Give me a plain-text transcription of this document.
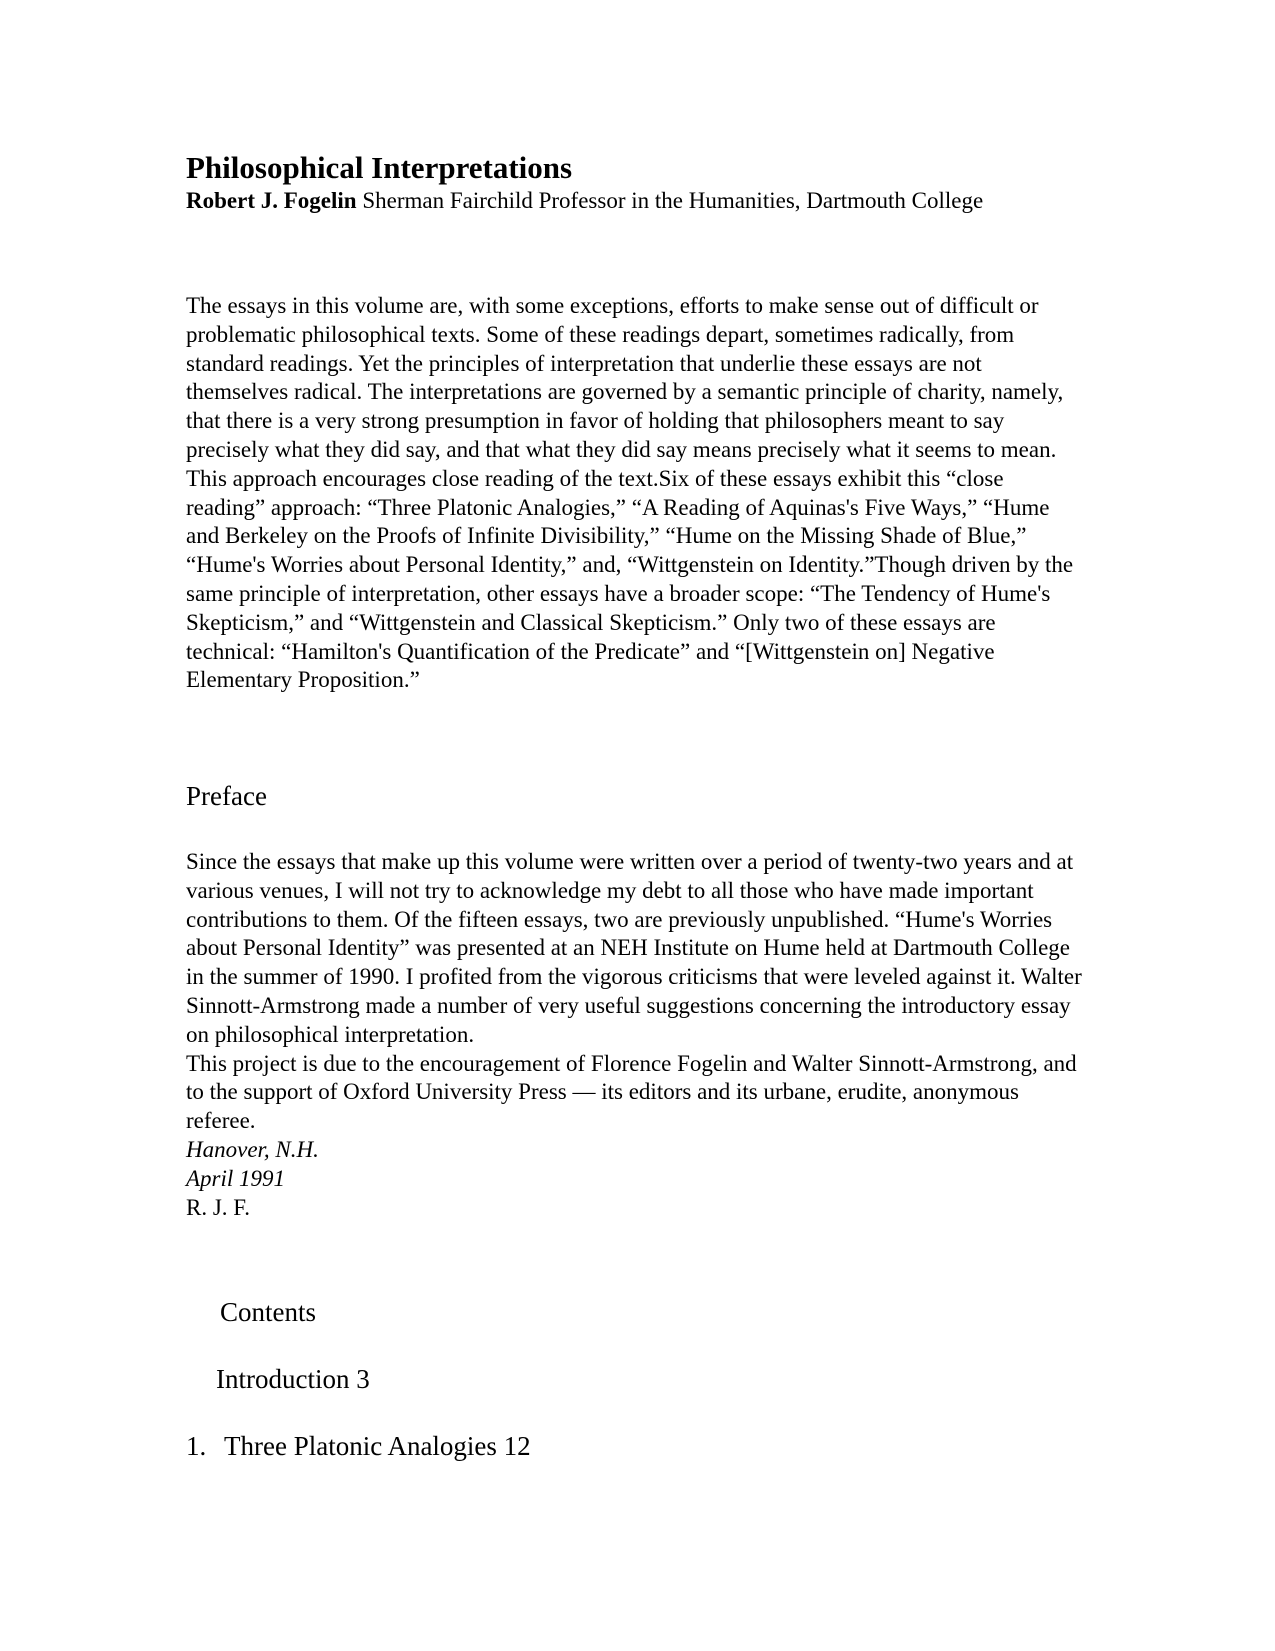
Philosophical Interpretations
Robert J. Fogelin Sherman Fairchild Professor in the Humanities, Dartmouth College

The essays in this volume are, with some exceptions, efforts to make sense out of difficult or problematic philosophical texts. Some of these readings depart, sometimes radically, from standard readings. Yet the principles of interpretation that underlie these essays are not themselves radical. The interpretations are governed by a semantic principle of charity, namely, that there is a very strong presumption in favor of holding that philosophers meant to say precisely what they did say, and that what they did say means precisely what it seems to mean. This approach encourages close reading of the text.Six of these essays exhibit this “close reading” approach: “Three Platonic Analogies,” “A Reading of Aquinas's Five Ways,” “Hume and Berkeley on the Proofs of Infinite Divisibility,” “Hume on the Missing Shade of Blue,” “Hume's Worries about Personal Identity,” and, “Wittgenstein on Identity.”Though driven by the same principle of interpretation, other essays have a broader scope: “The Tendency of Hume's Skepticism,” and “Wittgenstein and Classical Skepticism.” Only two of these essays are technical: “Hamilton's Quantification of the Predicate” and “[Wittgenstein on] Negative Elementary Proposition.”

Preface

Since the essays that make up this volume were written over a period of twenty-two years and at various venues, I will not try to acknowledge my debt to all those who have made important contributions to them. Of the fifteen essays, two are previously unpublished. “Hume's Worries about Personal Identity” was presented at an NEH Institute on Hume held at Dartmouth College in the summer of 1990. I profited from the vigorous criticisms that were leveled against it. Walter Sinnott-Armstrong made a number of very useful suggestions concerning the introductory essay on philosophical interpretation.

This project is due to the encouragement of Florence Fogelin and Walter Sinnott-Armstrong, and to the support of Oxford University Press — its editors and its urbane, erudite, anonymous referee.

Hanover, N.H.
April 1991
R. J. F.
Contents
Introduction 3
1. Three Platonic Analogies 12
